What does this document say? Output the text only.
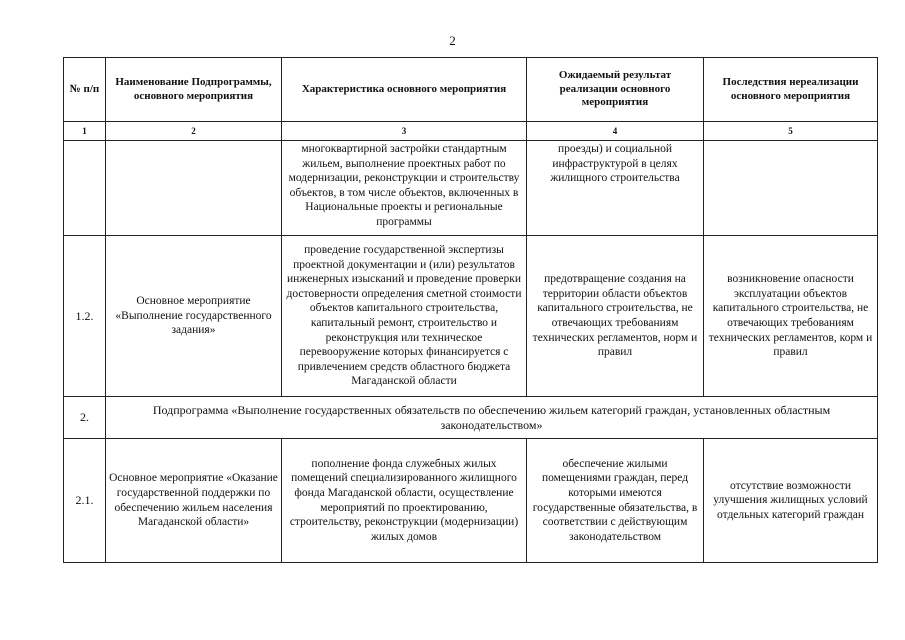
2
№ п/п	Наименование Подпрограммы, основного мероприятия	Характеристика основного мероприятия	Ожидаемый результат реализации основного мероприятия	Последствия нереализации основного мероприятия
1	2	3	4	5
		многоквартирной застройки стандартным жильем, выполнение проектных работ по модернизации, реконструкции и строительству объектов, в том числе объектов, включенных в Национальные проекты и региональные программы	проезды) и социальной инфраструктурой в целях жилищного строительства	
1.2.	Основное мероприятие «Выполнение государственного задания»	проведение государственной экспертизы проектной документации и (или) результатов инженерных изысканий и проведение проверки достоверности определения сметной стоимости объектов капитального строительства, капитальный ремонт, строительство и реконструкция или техническое перевооружение которых финансируется с привлечением средств областного бюджета Магаданской области	предотвращение создания на территории области объектов капитального строительства, не отвечающих требованиям технических регламентов, норм и правил	возникновение опасности эксплуатации объектов капитального строительства, не отвечающих требованиям технических регламентов, корм и правил
2.	Подпрограмма «Выполнение государственных обязательств по обеспечению жильем категорий граждан, установленных областным законодательством»			
2.1.	Основное мероприятие «Оказание государственной поддержки по обеспечению жильем населения Магаданской области»	пополнение фонда служебных жилых помещений специализированного жилищного фонда Магаданской области, осуществление мероприятий по проектированию, строительству, реконструкции (модернизации) жилых домов	обеспечение жилыми помещениями граждан, перед которыми имеются государственные обязательства, в соответствии с действующим законодательством	отсутствие возможности улучшения жилищных условий отдельных категорий граждан
